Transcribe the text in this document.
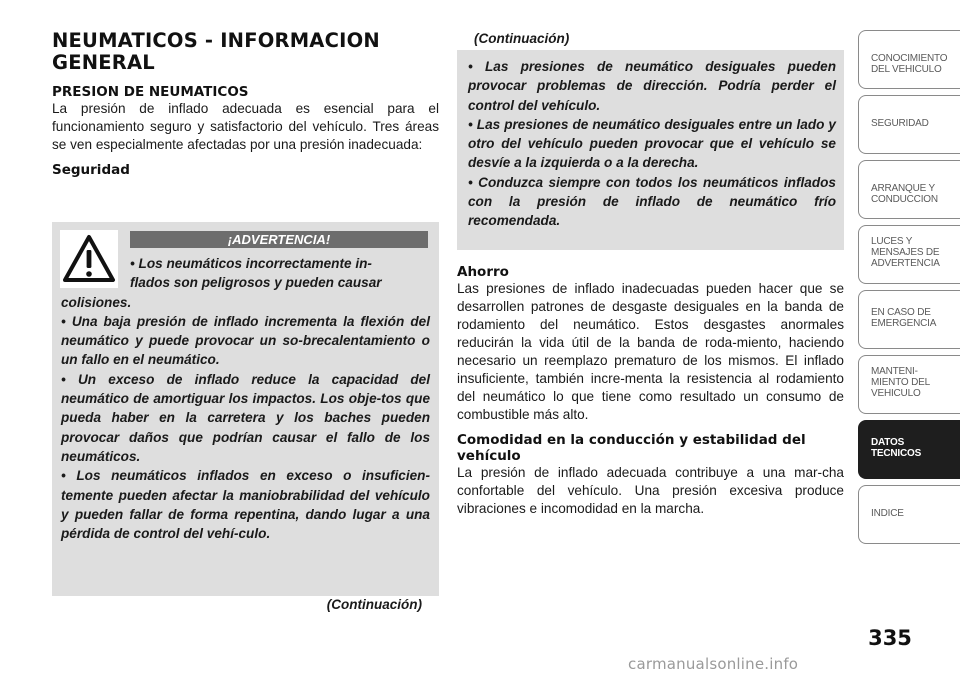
NEUMATICOS - INFORMACION
GENERAL
PRESION DE NEUMATICOS

La presión de inflado adecuada es esencial para el funcionamiento seguro y satisfactorio del vehículo. Tres áreas se ven especialmente afectadas por una presión inadecuada:

Seguridad
¡ADVERTENCIA!

• Los neumáticos incorrectamente in-

flados son peligrosos y pueden causar

colisiones.

• Una baja presión de inflado incrementa la flexión del neumático y puede provocar un so-brecalentamiento o un fallo en el neumático.

• Un exceso de inflado reduce la capacidad del neumático de amortiguar los impactos. Los obje-tos que pueda haber en la carretera y los baches pueden provocar daños que podrían causar el fallo de los neumáticos.

• Los neumáticos inflados en exceso o insuficien-temente pueden afectar la maniobrabilidad del vehículo y pueden fallar de forma repentina, dando lugar a una pérdida de control del vehí-culo.

(Continuación)
(Continuación)

• Las presiones de neumático desiguales pueden provocar problemas de dirección. Podría perder el control del vehículo.

• Las presiones de neumático desiguales entre un lado y otro del vehículo pueden provocar que el vehículo se desvíe a la izquierda o a la derecha.

• Conduzca siempre con todos los neumáticos inflados con la presión de inflado de neumático frío recomendada.

Ahorro

Las presiones de inflado inadecuadas pueden hacer que se desarrollen patrones de desgaste desiguales en la banda de rodamiento del neumático. Estos desgastes anormales reducirán la vida útil de la banda de roda-miento, haciendo necesario un reemplazo prematuro de los mismos. El inflado insuficiente, también incre-menta la resistencia al rodamiento del neumático lo que tiene como resultado un consumo de combustible más alto.

Comodidad en la conducción y estabilidad del vehículo

La presión de inflado adecuada contribuye a una mar-cha confortable del vehículo. Una presión excesiva produce vibraciones e incomodidad en la marcha.

CONOCIMIENTO
DEL VEHICULO
SEGURIDAD
ARRANQUE Y
CONDUCCION
LUCES Y
MENSAJES DE
ADVERTENCIA
EN CASO DE
EMERGENCIA
MANTENI-
MIENTO DEL
VEHICULO
DATOS
TECNICOS
INDICE
335
carmanualsonline.info
